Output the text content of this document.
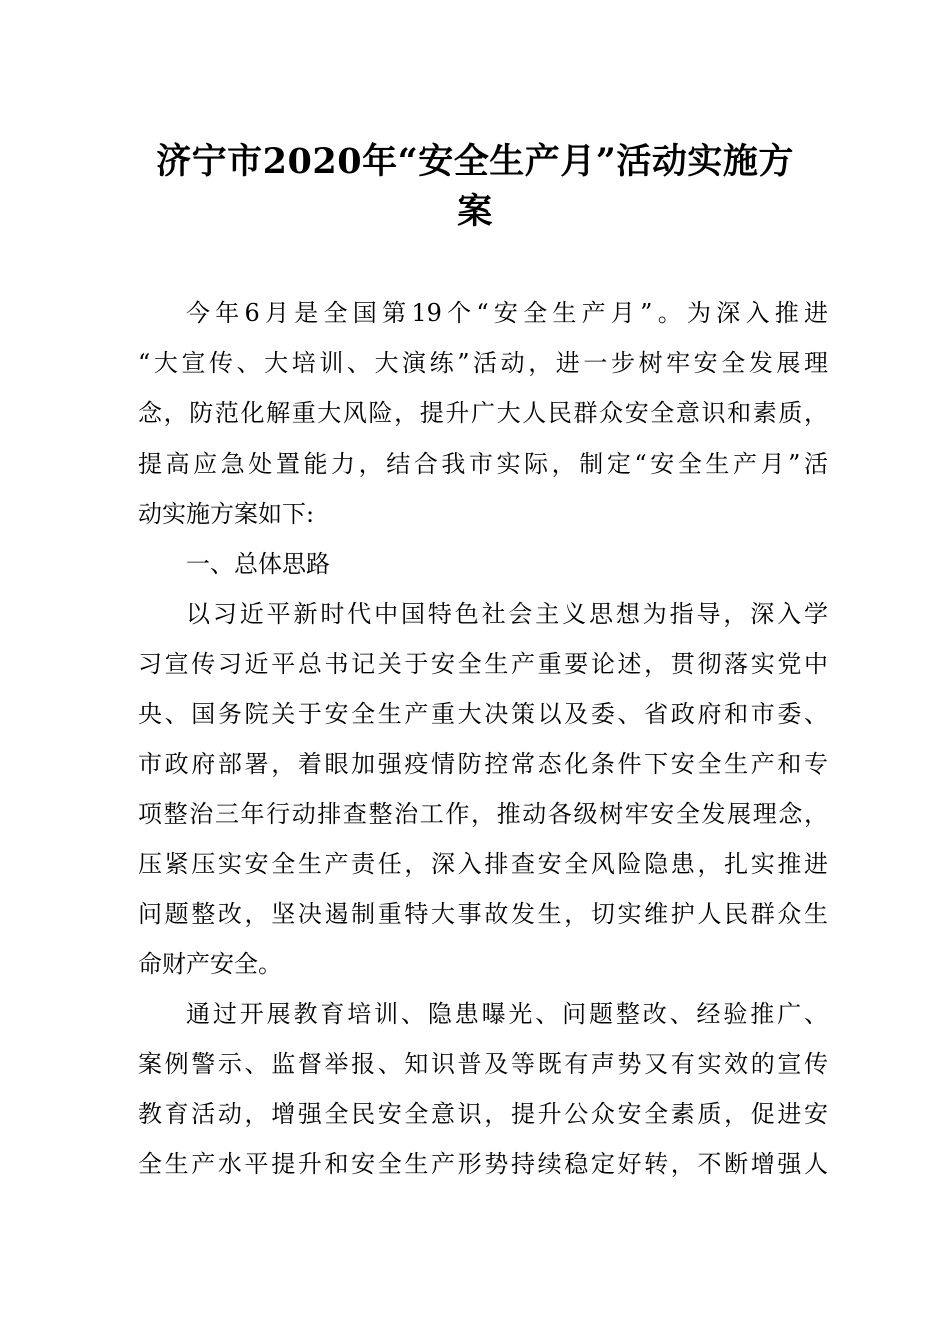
济宁市2020年“安全生产月”活动实施方
案
今年6月是全国第19个“安全生产月”。为深入推进
“大宣传、大培训、大演练”活动，进一步树牢安全发展理
念，防范化解重大风险，提升广大人民群众安全意识和素质，
提高应急处置能力，结合我市实际，制定“安全生产月”活
动实施方案如下:
一、总体思路
以习近平新时代中国特色社会主义思想为指导，深入学
习宣传习近平总书记关于安全生产重要论述，贯彻落实党中
央、国务院关于安全生产重大决策以及委、省政府和市委、
市政府部署，着眼加强疫情防控常态化条件下安全生产和专
项整治三年行动排查整治工作，推动各级树牢安全发展理念，
压紧压实安全生产责任，深入排查安全风险隐患，扎实推进
问题整改，坚决遏制重特大事故发生，切实维护人民群众生
命财产安全。
通过开展教育培训、隐患曝光、问题整改、经验推广、
案例警示、监督举报、知识普及等既有声势又有实效的宣传
教育活动，增强全民安全意识，提升公众安全素质，促进安
全生产水平提升和安全生产形势持续稳定好转，不断增强人
